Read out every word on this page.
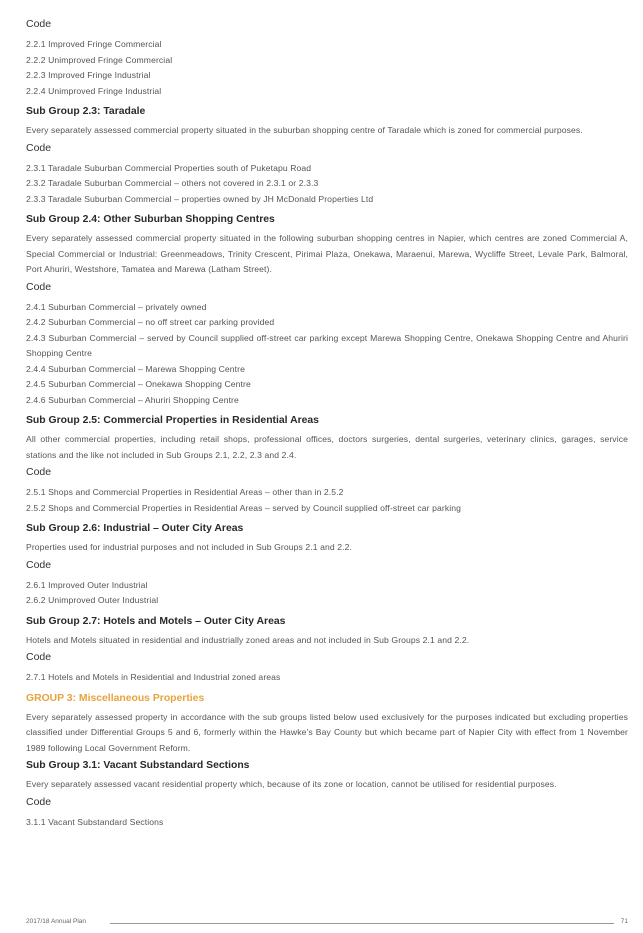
Code
2.2.1 Improved Fringe Commercial
2.2.2 Unimproved Fringe Commercial
2.2.3 Improved Fringe Industrial
2.2.4 Unimproved Fringe Industrial
Sub Group 2.3: Taradale

Every separately assessed commercial property situated in the suburban shopping centre of Taradale which is zoned for commercial purposes.

Code
2.3.1 Taradale Suburban Commercial Properties south of Puketapu Road
2.3.2 Taradale Suburban Commercial – others not covered in 2.3.1 or 2.3.3
2.3.3 Taradale Suburban Commercial – properties owned by JH McDonald Properties Ltd
Sub Group 2.4: Other Suburban Shopping Centres

Every separately assessed commercial property situated in the following suburban shopping centres in Napier, which centres are zoned Commercial A, Special Commercial or Industrial: Greenmeadows, Trinity Crescent, Pirimai Plaza, Onekawa, Maraenui, Marewa, Wycliffe Street, Levale Park, Balmoral, Port Ahuriri, Westshore, Tamatea and Marewa (Latham Street).

Code
2.4.1 Suburban Commercial – privately owned
2.4.2 Suburban Commercial – no off street car parking provided
2.4.3 Suburban Commercial – served by Council supplied off-street car parking except Marewa Shopping Centre, Onekawa Shopping Centre and Ahuriri Shopping Centre
2.4.4 Suburban Commercial – Marewa Shopping Centre
2.4.5 Suburban Commercial – Onekawa Shopping Centre
2.4.6 Suburban Commercial – Ahuriri Shopping Centre
Sub Group 2.5: Commercial Properties in Residential Areas

All other commercial properties, including retail shops, professional offices, doctors surgeries, dental surgeries, veterinary clinics, garages, service stations and the like not included in Sub Groups 2.1, 2.2, 2.3 and 2.4.

Code
2.5.1 Shops and Commercial Properties in Residential Areas – other than in 2.5.2
2.5.2 Shops and Commercial Properties in Residential Areas – served by Council supplied off-street car parking
Sub Group 2.6: Industrial – Outer City Areas

Properties used for industrial purposes and not included in Sub Groups 2.1 and 2.2.

Code
2.6.1 Improved Outer Industrial
2.6.2 Unimproved Outer Industrial
Sub Group 2.7: Hotels and Motels – Outer City Areas

Hotels and Motels situated in residential and industrially zoned areas and not included in Sub Groups 2.1 and 2.2.

Code
2.7.1 Hotels and Motels in Residential and Industrial zoned areas
GROUP 3: Miscellaneous Properties

Every separately assessed property in accordance with the sub groups listed below used exclusively for the purposes indicated but excluding properties classified under Differential Groups 5 and 6, formerly within the Hawke’s Bay County but which became part of Napier City with effect from 1 November 1989 following Local Government Reform.

Sub Group 3.1: Vacant Substandard Sections

Every separately assessed vacant residential property which, because of its zone or location, cannot be utilised for residential purposes.

Code
3.1.1 Vacant Substandard Sections
2017/18 Annual Plan	71
